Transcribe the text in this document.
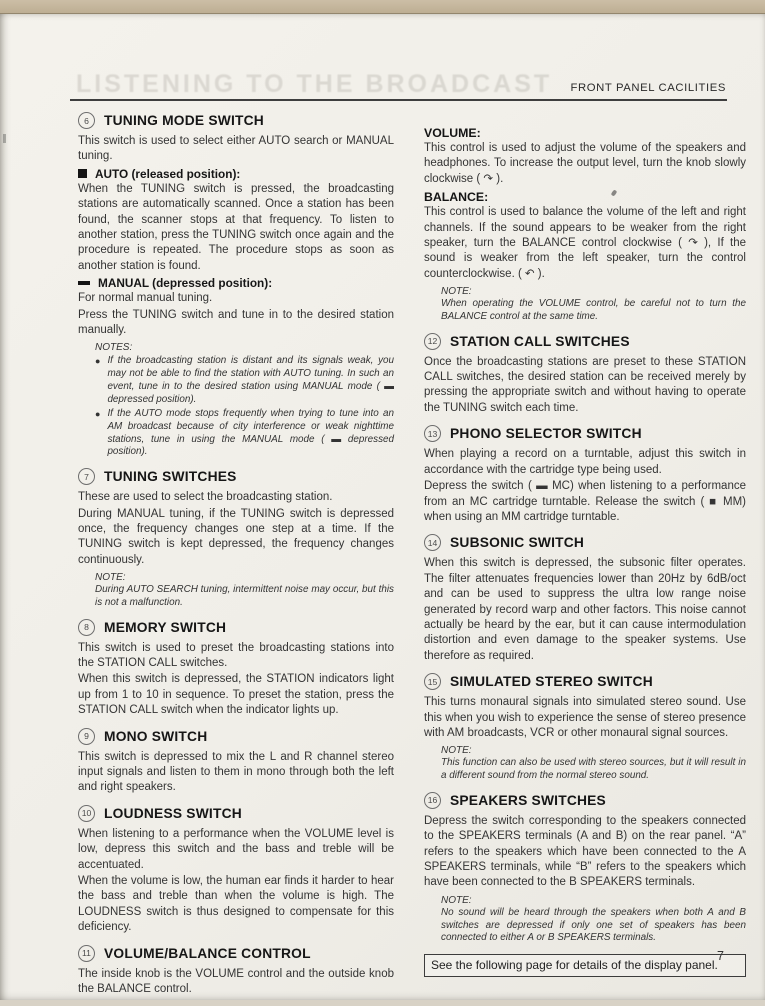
LISTENING TO THE BROADCAST	FRONT PANEL CACILITIES
6	TUNING MODE SWITCH

This switch is used to select either AUTO search or MANUAL tuning.

AUTO (released position):

When the TUNING switch is pressed, the broadcasting stations are automatically scanned. Once a station has been found, the scanner stops at that frequency. To listen to another station, press the TUNING switch once again and the procedure is repeated. The procedure stops as soon as another station is found.

MANUAL (depressed position):

For normal manual tuning.

Press the TUNING switch and tune in to the desired station manually.

NOTES:

● If the broadcasting station is distant and its signals weak, you may not be able to find the station with AUTO tuning. In such an event, tune in to the desired station using MANUAL mode ( ▬ depressed position).

● If the AUTO mode stops frequently when trying to tune into an AM broadcast because of city interference or weak nighttime stations, tune in using the MANUAL mode ( ▬ depressed position).

7	TUNING SWITCHES

These are used to select the broadcasting station.

During MANUAL tuning, if the TUNING switch is depressed once, the frequency changes one step at a time. If the TUNING switch is kept depressed, the frequency changes continuously.

NOTE:

During AUTO SEARCH tuning, intermittent noise may occur, but this is not a malfunction.

8	MEMORY SWITCH

This switch is used to preset the broadcasting stations into the STATION CALL switches.

When this switch is depressed, the STATION indicators light up from 1 to 10 in sequence. To preset the station, press the STATION CALL switch when the indicator lights up.

9	MONO SWITCH

This switch is depressed to mix the L and R channel stereo input signals and listen to them in mono through both the left and right speakers.

10 LOUDNESS SWITCH

When listening to a performance when the VOLUME level is low, depress this switch and the bass and treble will be accentuated.

When the volume is low, the human ear finds it harder to hear the bass and treble than when the volume is high. The LOUDNESS switch is thus designed to compensate for this deficiency.

11 VOLUME/BALANCE CONTROL

The inside knob is the VOLUME control and the outside knob the BALANCE control.

VOLUME:

This control is used to adjust the volume of the speakers and headphones. To increase the output level, turn the knob slowly clockwise ( ↷ ).

BALANCE:

This control is used to balance the volume of the left and right channels. If the sound appears to be weaker from the right speaker, turn the BALANCE control clockwise ( ↷ ), If the sound is weaker from the left speaker, turn the control counterclockwise. ( ↶ ).

NOTE:

When operating the VOLUME control, be careful not to turn the BALANCE control at the same time.

12 STATION CALL SWITCHES

Once the broadcasting stations are preset to these STATION CALL switches, the desired station can be received merely by pressing the appropriate switch and without having to operate the TUNING switch each time.

13 PHONO SELECTOR SWITCH

When playing a record on a turntable, adjust this switch in accordance with the cartridge type being used.

Depress the switch ( ▬ MC) when listening to a performance from an MC cartridge turntable. Release the switch ( ■ MM) when using an MM cartridge turntable.

14 SUBSONIC SWITCH

When this switch is depressed, the subsonic filter operates. The filter attenuates frequencies lower than 20Hz by 6dB/oct and can be used to suppress the ultra low range noise generated by record warp and other factors. This noise cannot actually be heard by the ear, but it can cause intermodulation distortion and even damage to the speaker systems. Use therefore as required.

15 SIMULATED STEREO SWITCH

This turns monaural signals into simulated stereo sound. Use this when you wish to experience the sense of stereo presence with AM broadcasts, VCR or other monaural signal sources.

NOTE:

This function can also be used with stereo sources, but it will result in a different sound from the normal stereo sound.

16 SPEAKERS SWITCHES

Depress the switch corresponding to the speakers connected to the SPEAKERS terminals (A and B) on the rear panel. “A” refers to the speakers which have been connected to the A SPEAKERS terminals, while “B” refers to the speakers which have been connected to the B SPEAKERS terminals.

NOTE:

No sound will be heard through the speakers when both A and B switches are depressed if only one set of speakers has been connected to either A or B SPEAKERS terminals.

See the following page for details of the display panel.
7
